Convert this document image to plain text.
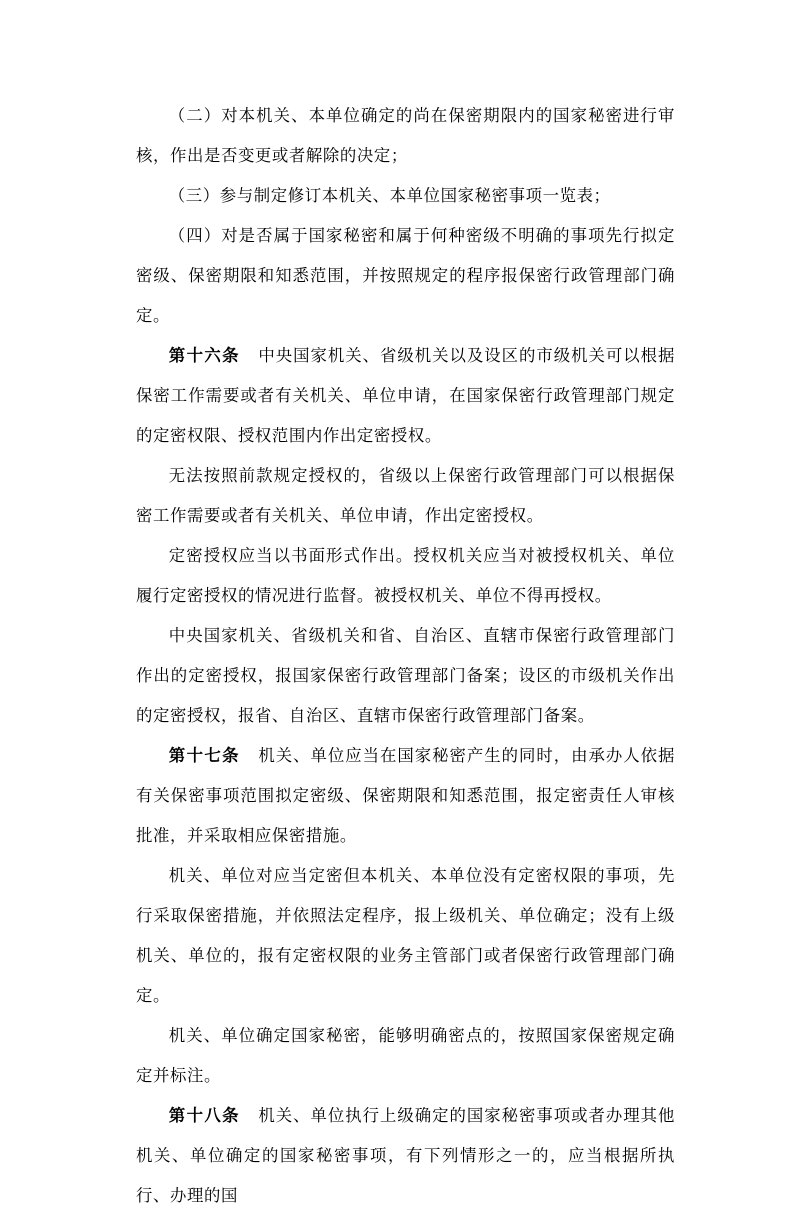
（二）对本机关、本单位确定的尚在保密期限内的国家秘密进行审核，作出是否变更或者解除的决定；

（三）参与制定修订本机关、本单位国家秘密事项一览表；

（四）对是否属于国家秘密和属于何种密级不明确的事项先行拟定密级、保密期限和知悉范围，并按照规定的程序报保密行政管理部门确定。

第十六条 中央国家机关、省级机关以及设区的市级机关可以根据保密工作需要或者有关机关、单位申请，在国家保密行政管理部门规定的定密权限、授权范围内作出定密授权。

无法按照前款规定授权的，省级以上保密行政管理部门可以根据保密工作需要或者有关机关、单位申请，作出定密授权。

定密授权应当以书面形式作出。授权机关应当对被授权机关、单位履行定密授权的情况进行监督。被授权机关、单位不得再授权。

中央国家机关、省级机关和省、自治区、直辖市保密行政管理部门作出的定密授权，报国家保密行政管理部门备案；设区的市级机关作出的定密授权，报省、自治区、直辖市保密行政管理部门备案。

第十七条 机关、单位应当在国家秘密产生的同时，由承办人依据有关保密事项范围拟定密级、保密期限和知悉范围，报定密责任人审核批准，并采取相应保密措施。

机关、单位对应当定密但本机关、本单位没有定密权限的事项，先行采取保密措施，并依照法定程序，报上级机关、单位确定；没有上级机关、单位的，报有定密权限的业务主管部门或者保密行政管理部门确定。

机关、单位确定国家秘密，能够明确密点的，按照国家保密规定确定并标注。

第十八条 机关、单位执行上级确定的国家秘密事项或者办理其他机关、单位确定的国家秘密事项，有下列情形之一的，应当根据所执行、办理的国
